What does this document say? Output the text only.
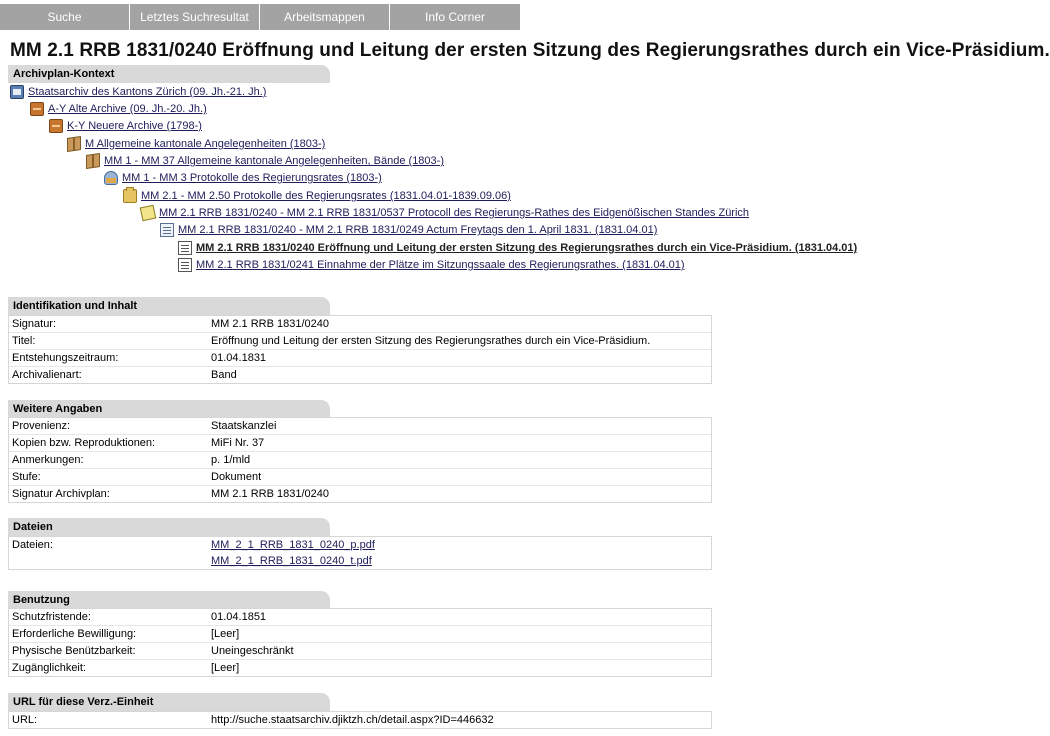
Suche	Letztes Suchresultat	Arbeitsmappen	Info Corner
MM 2.1 RRB 1831/0240 Eröffnung und Leitung der ersten Sitzung des Regierungsrathes durch ein Vice-Präsidium.
Archivplan-Kontext
Staatsarchiv des Kantons Zürich (09. Jh.-21. Jh.)
A-Y Alte Archive (09. Jh.-20. Jh.)
K-Y Neuere Archive (1798-)
M Allgemeine kantonale Angelegenheiten (1803-)
MM 1 - MM 37 Allgemeine kantonale Angelegenheiten, Bände (1803-)
MM 1 - MM 3 Protokolle des Regierungsrates (1803-)
MM 2.1 - MM 2.50 Protokolle des Regierungsrates (1831.04.01-1839.09.06)
MM 2.1 RRB 1831/0240 - MM 2.1 RRB 1831/0537 Protocoll des Regierungs-Rathes des Eidgenößischen Standes Zürich
MM 2.1 RRB 1831/0240 - MM 2.1 RRB 1831/0249 Actum Freytags den 1. April 1831. (1831.04.01)
MM 2.1 RRB 1831/0240 Eröffnung und Leitung der ersten Sitzung des Regierungsrathes durch ein Vice-Präsidium. (1831.04.01)
MM 2.1 RRB 1831/0241 Einnahme der Plätze im Sitzungssaale des Regierungsrathes. (1831.04.01)
Identifikation und Inhalt
Signatur:	MM 2.1 RRB 1831/0240
Titel:	Eröffnung und Leitung der ersten Sitzung des Regierungsrathes durch ein Vice-Präsidium.
Entstehungszeitraum:	01.04.1831
Archivalienart:	Band
Weitere Angaben
Provenienz:	Staatskanzlei
Kopien bzw. Reproduktionen:	MiFi Nr. 37
Anmerkungen:	p. 1/mld
Stufe:	Dokument
Signatur Archivplan:	MM 2.1 RRB 1831/0240
Dateien
Dateien:	MM_2_1_RRB_1831_0240_p.pdf
MM_2_1_RRB_1831_0240_t.pdf
Benutzung
Schutzfristende:	01.04.1851
Erforderliche Bewilligung:	[Leer]
Physische Benützbarkeit:	Uneingeschränkt
Zugänglichkeit:	[Leer]
URL für diese Verz.-Einheit
URL:	http://suche.staatsarchiv.djiktzh.ch/detail.aspx?ID=446632
